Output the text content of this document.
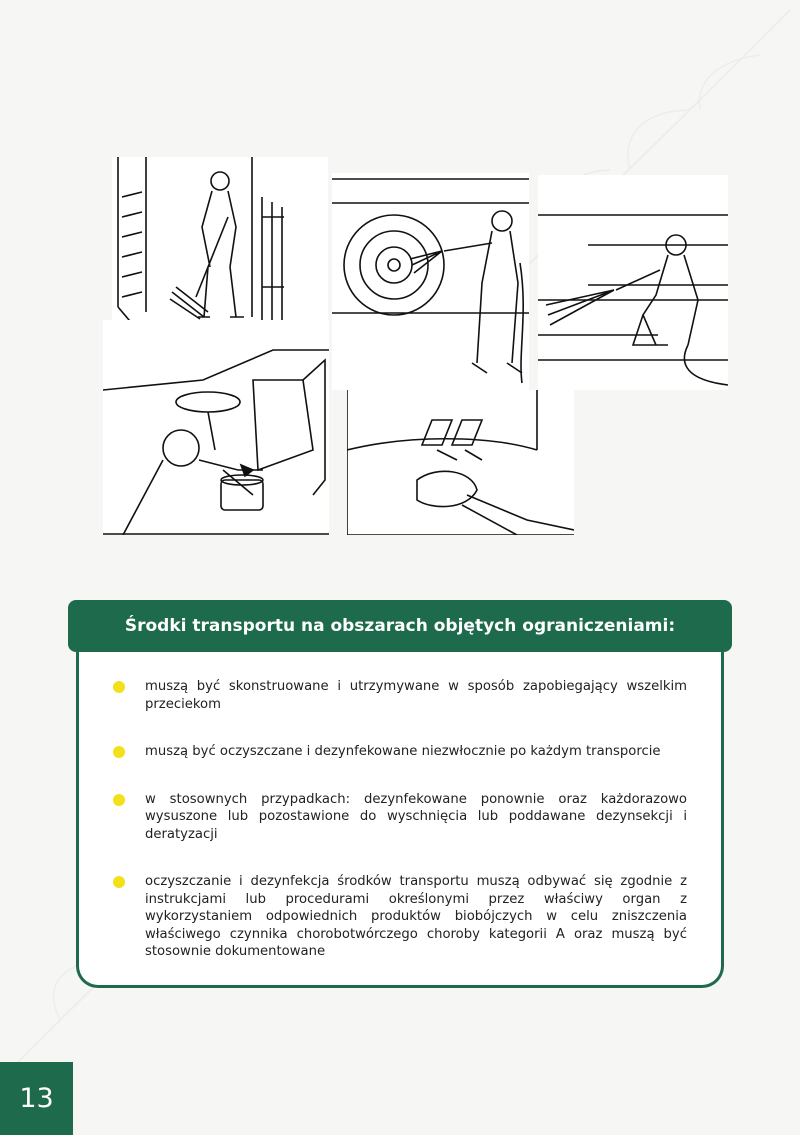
Środki transportu na obszarach objętych ograniczeniami:
muszą być skonstruowane i utrzymywane w sposób zapobiegający wszelkim przeciekom
muszą być oczyszczane i dezynfekowane niezwłocznie po każdym transporcie
w stosownych przypadkach: dezynfekowane ponownie oraz każdorazowo wysuszone lub pozostawione do wyschnięcia lub poddawane dezynsekcji i deratyzacji
oczyszczanie i dezynfekcja środków transportu muszą odbywać się zgodnie z instrukcjami lub procedurami określonymi przez właściwy organ z wykorzystaniem odpowiednich produktów biobójczych w celu zniszczenia właściwego czynnika chorobotwórczego choroby kategorii A oraz muszą być stosownie dokumentowane
13
